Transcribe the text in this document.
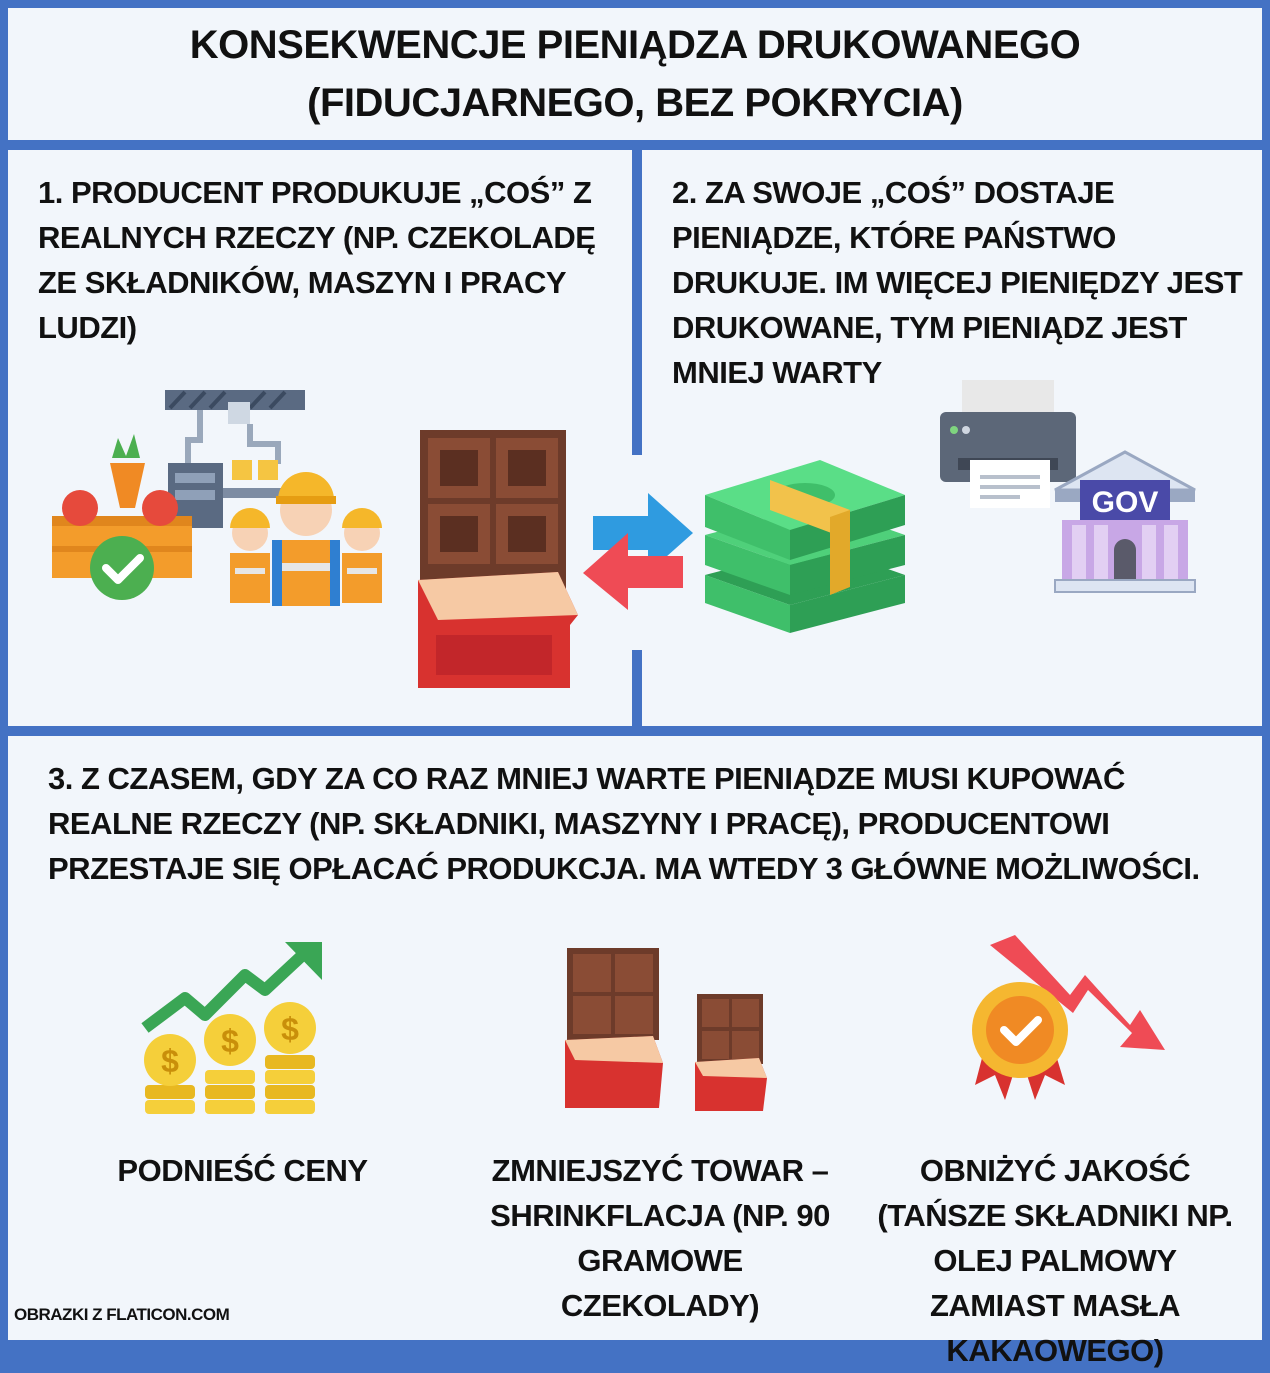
KONSEKWENCJE PIENIĄDZA DRUKOWANEGO
(FIDUCJARNEGO, BEZ POKRYCIA)
1. PRODUCENT PRODUKUJE „COŚ” Z REALNYCH RZECZY (NP. CZEKOLADĘ ZE SKŁADNIKÓW, MASZYN I PRACY LUDZI)
2. ZA SWOJE „COŚ” DOSTAJE PIENIĄDZE, KTÓRE PAŃSTWO DRUKUJE. IM WIĘCEJ PIENIĘDZY JEST DRUKOWANE, TYM PIENIĄDZ JEST MNIEJ WARTY
3. Z CZASEM, GDY ZA CO RAZ MNIEJ WARTE PIENIĄDZE MUSI KUPOWAĆ REALNE RZECZY (NP. SKŁADNIKI, MASZYNY I PRACĘ), PRODUCENTOWI PRZESTAJE SIĘ OPŁACAĆ PRODUKCJA. MA WTEDY 3 GŁÓWNE MOŻLIWOŚCI.
GOV
$
$ $
PODNIEŚĆ CENY	ZMNIEJSZYĆ TOWAR – SHRINKFLACJA (NP. 90 GRAMOWE CZEKOLADY)
OBNIŻYĆ JAKOŚĆ (TAŃSZE SKŁADNIKI NP. OLEJ PALMOWY ZAMIAST MASŁA KAKAOWEGO)
OBRAZKI Z FLATICON.COM
